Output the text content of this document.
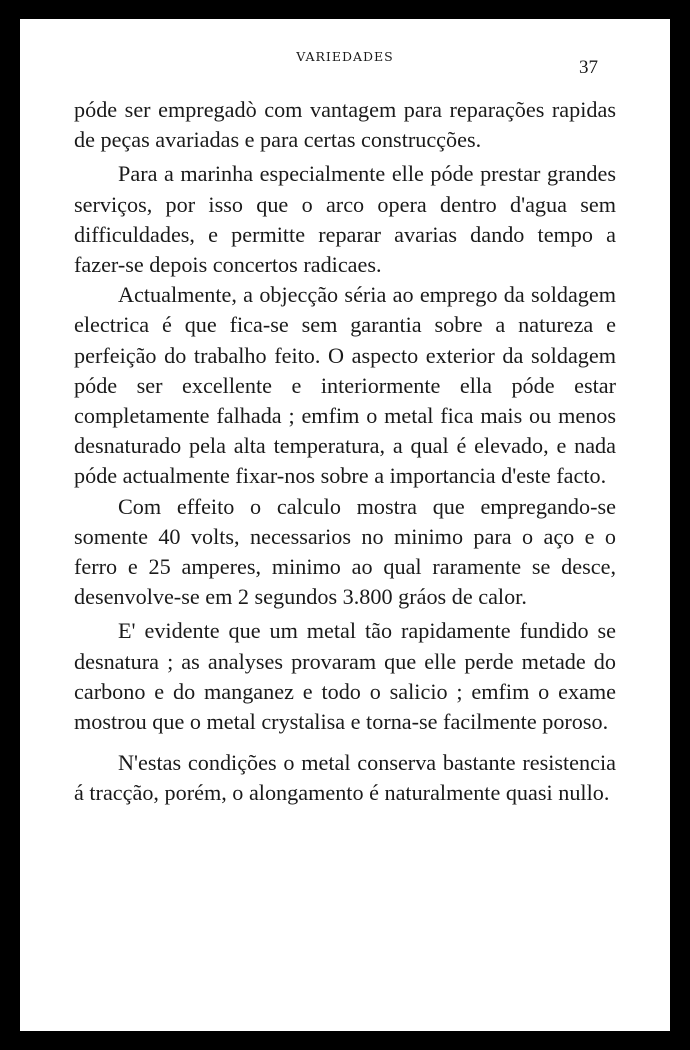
VARIEDADES
37

póde ser empregadò com vantagem para reparações rapidas de peças avariadas e para certas construcções.

Para a marinha especialmente elle póde prestar grandes serviços, por isso que o arco opera dentro d'agua sem difficuldades, e permitte reparar avarias dando tempo a fazer-se depois concertos radicaes.

Actualmente, a objecção séria ao emprego da soldagem electrica é que fica-se sem garantia sobre a natureza e perfeição do trabalho feito. O aspecto exterior da soldagem póde ser excellente e interiormente ella póde estar completamente falhada ; emfim o metal fica mais ou menos desnaturado pela alta temperatura, a qual é elevado, e nada póde actualmente fixar-nos sobre a importancia d'este facto.

Com effeito o calculo mostra que empregando-se somente 40 volts, necessarios no minimo para o aço e o ferro e 25 amperes, minimo ao qual raramente se desce, desenvolve-se em 2 segundos 3.800 gráos de calor.

E' evidente que um metal tão rapidamente fundido se desnatura ; as analyses provaram que elle perde metade do carbono e do manganez e todo o salicio ; emfim o exame mostrou que o metal crystalisa e torna-se facilmente poroso.

N'estas condições o metal conserva bastante resistencia á tracção, porém, o alongamento é naturalmente quasi nullo.
